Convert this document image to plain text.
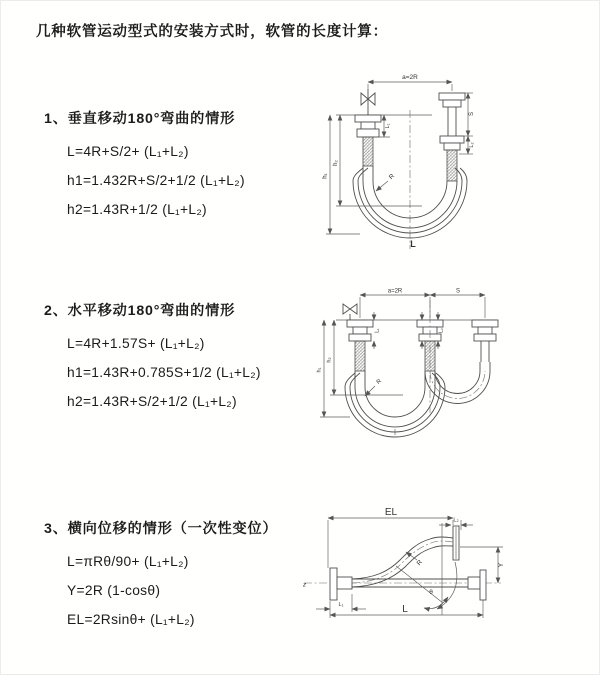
几种软管运动型式的安装方式时，软管的长度计算：
1、垂直移动180°弯曲的情形
L=4R+S/2+ (L₁+L₂)
h1=1.432R+S/2+1/2 (L₁+L₂)
h2=1.43R+1/2 (L₁+L₂)
2、水平移动180°弯曲的情形
L=4R+1.57S+ (L₁+L₂)
h1=1.43R+0.785S+1/2 (L₁+L₂)
h2=1.43R+S/2+1/2 (L₁+L₂)
3、横向位移的情形（一次性变位）
L=πRθ/90+ (L₁+L₂)
Y=2R (1-cosθ)
EL=2Rsinθ+ (L₁+L₂)
a=2R
h₁
h₂
L₁
S
L₂
R
L
a=2R	S
h₁
h₂
L₁	L₂
R
EL
L₂
z
Y
θ
R
L₁	L
